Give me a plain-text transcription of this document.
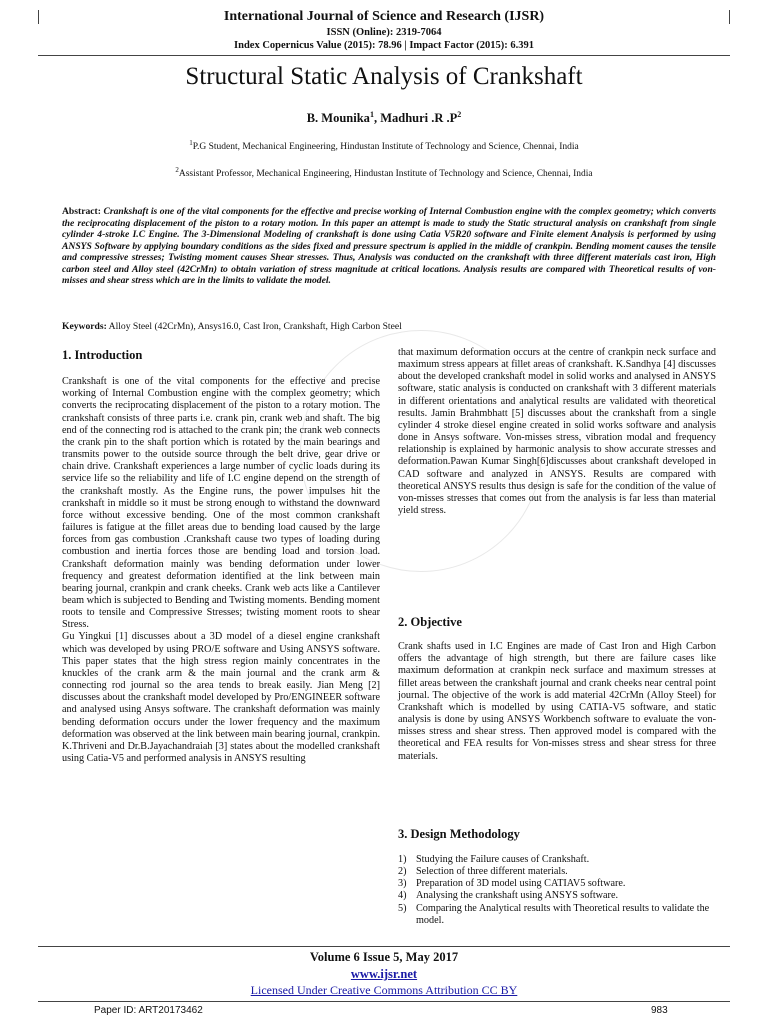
International Journal of Science and Research (IJSR)
ISSN (Online): 2319-7064
Index Copernicus Value (2015): 78.96 | Impact Factor (2015): 6.391
Structural Static Analysis of Crankshaft
B. Mounika$^1$, Madhuri .R $.P^2$
$^1$P.G Student, Mechanical Engineering, Hindustan Institute of Technology and Science, Chennai, India
$^2$Assistant Professor, Mechanical Engineering, Hindustan Institute of Technology and Science, Chennai, India
Abstract: Crankshaft is one of the vital components for the effective and precise working of Internal Combustion engine with the complex geometry; which converts the reciprocating displacement of the piston to a rotary motion. In this paper an attempt is made to study the Static structural analysis on crankshaft from single cylinder 4-stroke I.C Engine. The 3-Dimensional Modeling of crankshaft is done using Catia V5R20 software and Finite element Analysis is performed by using ANSYS Software by applying boundary conditions as the sides fixed and pressure spectrum is applied in the middle of crankpin. Bending moment causes the tensile and compressive stresses; Twisting moment causes Shear stresses. Thus, Analysis was conducted on the crankshaft with three different materials cast iron, High carbon steel and Alloy steel (42CrMn) to obtain variation of stress magnitude at critical locations. Analysis results are compared with Theoretical results of von-misses and shear stress which are in the limits to validate the model.
Keywords: Alloy Steel (42CrMn), Ansys16.0, Cast Iron, Crankshaft, High Carbon Steel
1. Introduction

Crankshaft is one of the vital components for the effective and precise working of Internal Combustion engine with the complex geometry; which converts the reciprocating displacement of the piston to a rotary motion. The crankshaft consists of three parts i.e. crank pin, crank web and shaft. The big end of the connecting rod is attached to the crank pin; the crank web connects the crank pin to the shaft portion which is rotated by the main bearings and transmits power to the outside source through the belt drive, gear drive or chain drive. Crankshaft experiences a large number of cyclic loads during its service life so the reliability and life of I.C engine depend on the strength of the crankshaft mostly. As the Engine runs, the power impulses hit the crankshaft in middle so it must be strong enough to withstand the downward force without excessive bending. One of the most common crankshaft failures is fatigue at the fillet areas due to bending load caused by the large forces from gas combustion .Crankshaft cause two types of loading during combustion and inertia forces those are bending load and torsion load. Crankshaft deformation mainly was bending deformation under lower frequency and greatest deformation identified at the link between main bearing journal, crankpin and crank cheeks. Crank web acts like a Cantilever beam which is subjected to Bending and Twisting moments. Bending moment roots to tensile and Compressive Stresses; twisting moment roots to shear Stress.

Gu Yingkui [1] discusses about a 3D model of a diesel engine crankshaft which was developed by using PRO/E software and Using ANSYS software. This paper states that the high stress region mainly concentrates in the knuckles of the crank arm & the main journal and the crank arm & connecting rod journal so the area tends to break easily. Jian Meng [2] discusses about the crankshaft model developed by Pro/ENGINEER software and analysed using Ansys software. The crankshaft deformation was mainly bending deformation occurs under the lower frequency and the maximum deformation was observed at the link between main bearing journal, crankpin. K.Thriveni and Dr.B.Jayachandraiah [3] states about the modelled crankshaft using Catia-V5 and performed analysis in ANSYS resulting

that maximum deformation occurs at the centre of crankpin neck surface and maximum stress appears at fillet areas of crankshaft. K.Sandhya [4] discusses about the developed crankshaft model in solid works and analysed in ANSYS software, static analysis is conducted on crankshaft with 3 different materials in different orientations and analytical results are validated with theoretical results. Jamin Brahmbhatt [5] discusses about the crankshaft from a single cylinder 4 stroke diesel engine created in solid works software and analysis done in Ansys software. Von-misses stress, vibration modal and frequency relationship is explained by harmonic analysis to show accurate stresses and deformation.Pawan Kumar Singh[6]discusses about crankshaft developed in CAD software and analyzed in ANSYS. Results are compared with theoretical ANSYS results thus design is safe for the condition of the value of von-misses stresses that comes out from the analysis is far less than material yield stress.

2. Objective

Crank shafts used in I.C Engines are made of Cast Iron and High Carbon offers the advantage of high strength, but there are failure cases like maximum deformation at crankpin neck surface and maximum stresses at fillet areas between the crankshaft journal and crank cheeks near central point journal. The objective of the work is add material 42CrMn (Alloy Steel) for Crankshaft which is modelled by using CATIA-V5 software, and static analysis is done by using ANSYS Workbench software to evaluate the von-misses stress and shear stress. Then approved model is compared with the theoretical and FEA results for Von-misses stress and shear stress for three materials.

3. Design Methodology
1) Studying the Failure causes of Crankshaft.
2) Selection of three different materials.
3) Preparation of 3D model using CATIAV5 software.
4) Analysing the crankshaft using ANSYS software.
5) Comparing the Analytical results with Theoretical results to validate the model.
Volume 6 Issue 5, May 2017
www.ijsr.net
Licensed Under Creative Commons Attribution CC BY
Paper ID: ART20173462	983
